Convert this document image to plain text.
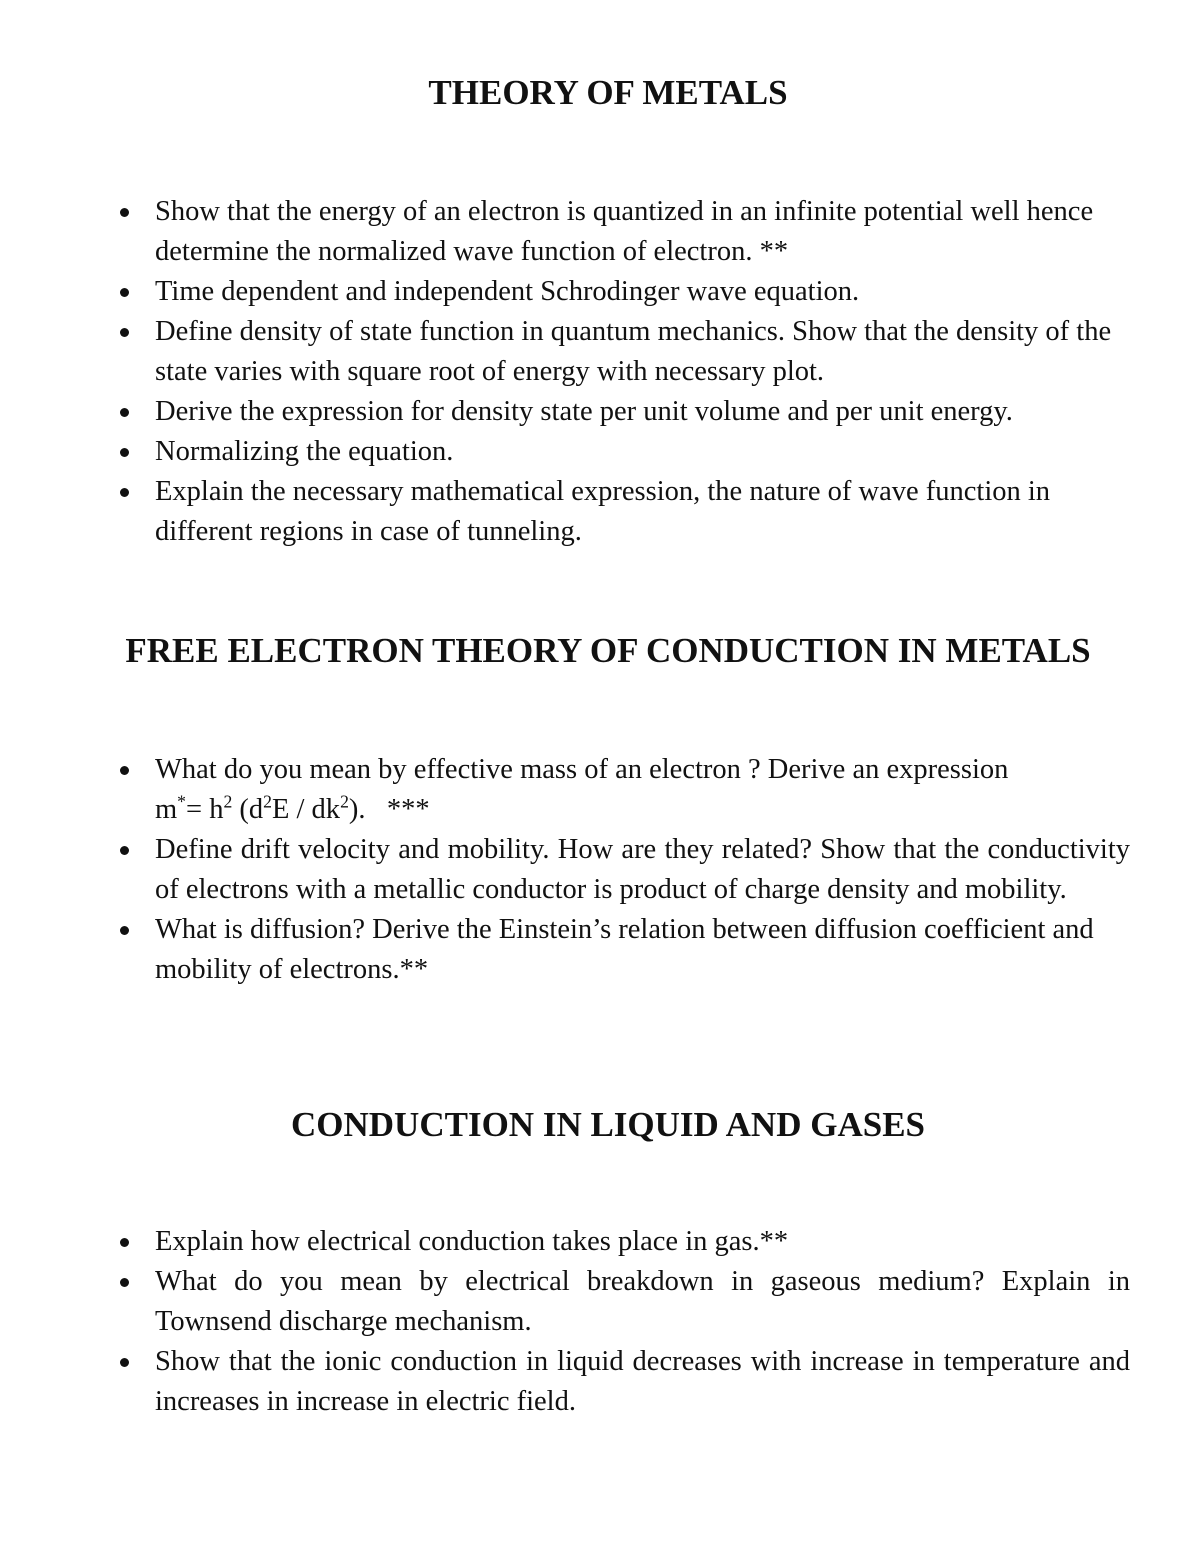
THEORY OF METALS
Show that the energy of an electron is quantized in an infinite potential well hence determine the normalized wave function of electron. **
Time dependent and independent Schrodinger wave equation.
Define density of state function in quantum mechanics. Show that the density of the state varies with square root of energy with necessary plot.
Derive the expression for density state per unit volume and per unit energy.
Normalizing the equation.
Explain the necessary mathematical expression, the nature of wave function in different regions in case of tunneling.
FREE ELECTRON THEORY OF CONDUCTION IN METALS
What do you mean by effective mass of an electron ? Derive an expression
$m^*= h^2$ $(d^2E / dk^2)$.   ***
Define drift velocity and mobility. How are they related? Show that the conductivity of electrons with a metallic conductor is product of charge density and mobility.
What is diffusion? Derive the Einstein’s relation between diffusion coefficient and mobility of electrons.**
CONDUCTION IN LIQUID AND GASES
Explain how electrical conduction takes place in gas.**
What do you mean by electrical breakdown in gaseous medium? Explain in Townsend discharge mechanism.
Show that the ionic conduction in liquid decreases with increase in temperature and increases in increase in electric field.
